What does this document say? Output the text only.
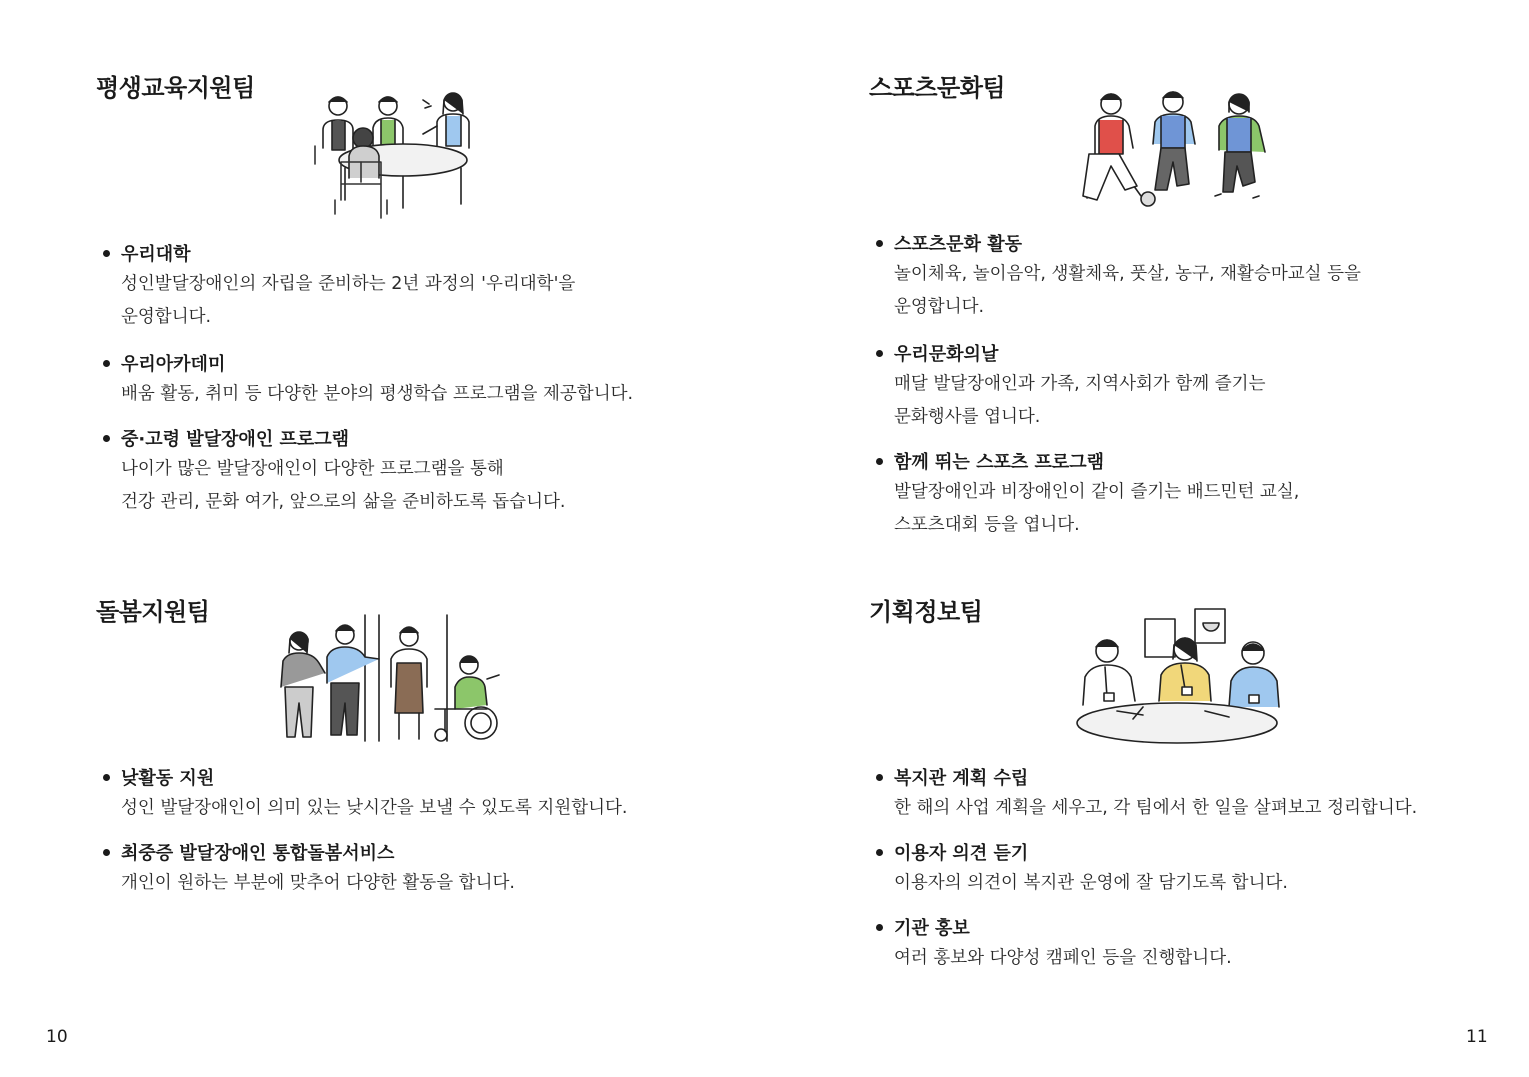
평생교육지원팀
우리대학
성인발달장애인의 자립을 준비하는 2년 과정의 '우리대학'을
운영합니다.
우리아카데미
배움 활동, 취미 등 다양한 분야의 평생학습 프로그램을 제공합니다.
중·고령 발달장애인 프로그램
나이가 많은 발달장애인이 다양한 프로그램을 통해
건강 관리, 문화 여가, 앞으로의 삶을 준비하도록 돕습니다.
스포츠문화팀
스포츠문화 활동
놀이체육, 놀이음악, 생활체육, 풋살, 농구, 재활승마교실 등을
운영합니다.
우리문화의날
매달 발달장애인과 가족, 지역사회가 함께 즐기는
문화행사를 엽니다.
함께 뛰는 스포츠 프로그램
발달장애인과 비장애인이 같이 즐기는 배드민턴 교실,
스포츠대회 등을 엽니다.
돌봄지원팀
낮활동 지원
성인 발달장애인이 의미 있는 낮시간을 보낼 수 있도록 지원합니다.
최중증 발달장애인 통합돌봄서비스
개인이 원하는 부분에 맞추어 다양한 활동을 합니다.
기획정보팀
복지관 계획 수립
한 해의 사업 계획을 세우고, 각 팀에서 한 일을 살펴보고 정리합니다.
이용자 의견 듣기
이용자의 의견이 복지관 운영에 잘 담기도록 합니다.
기관 홍보
여러 홍보와 다양성 캠페인 등을 진행합니다.
10	11
